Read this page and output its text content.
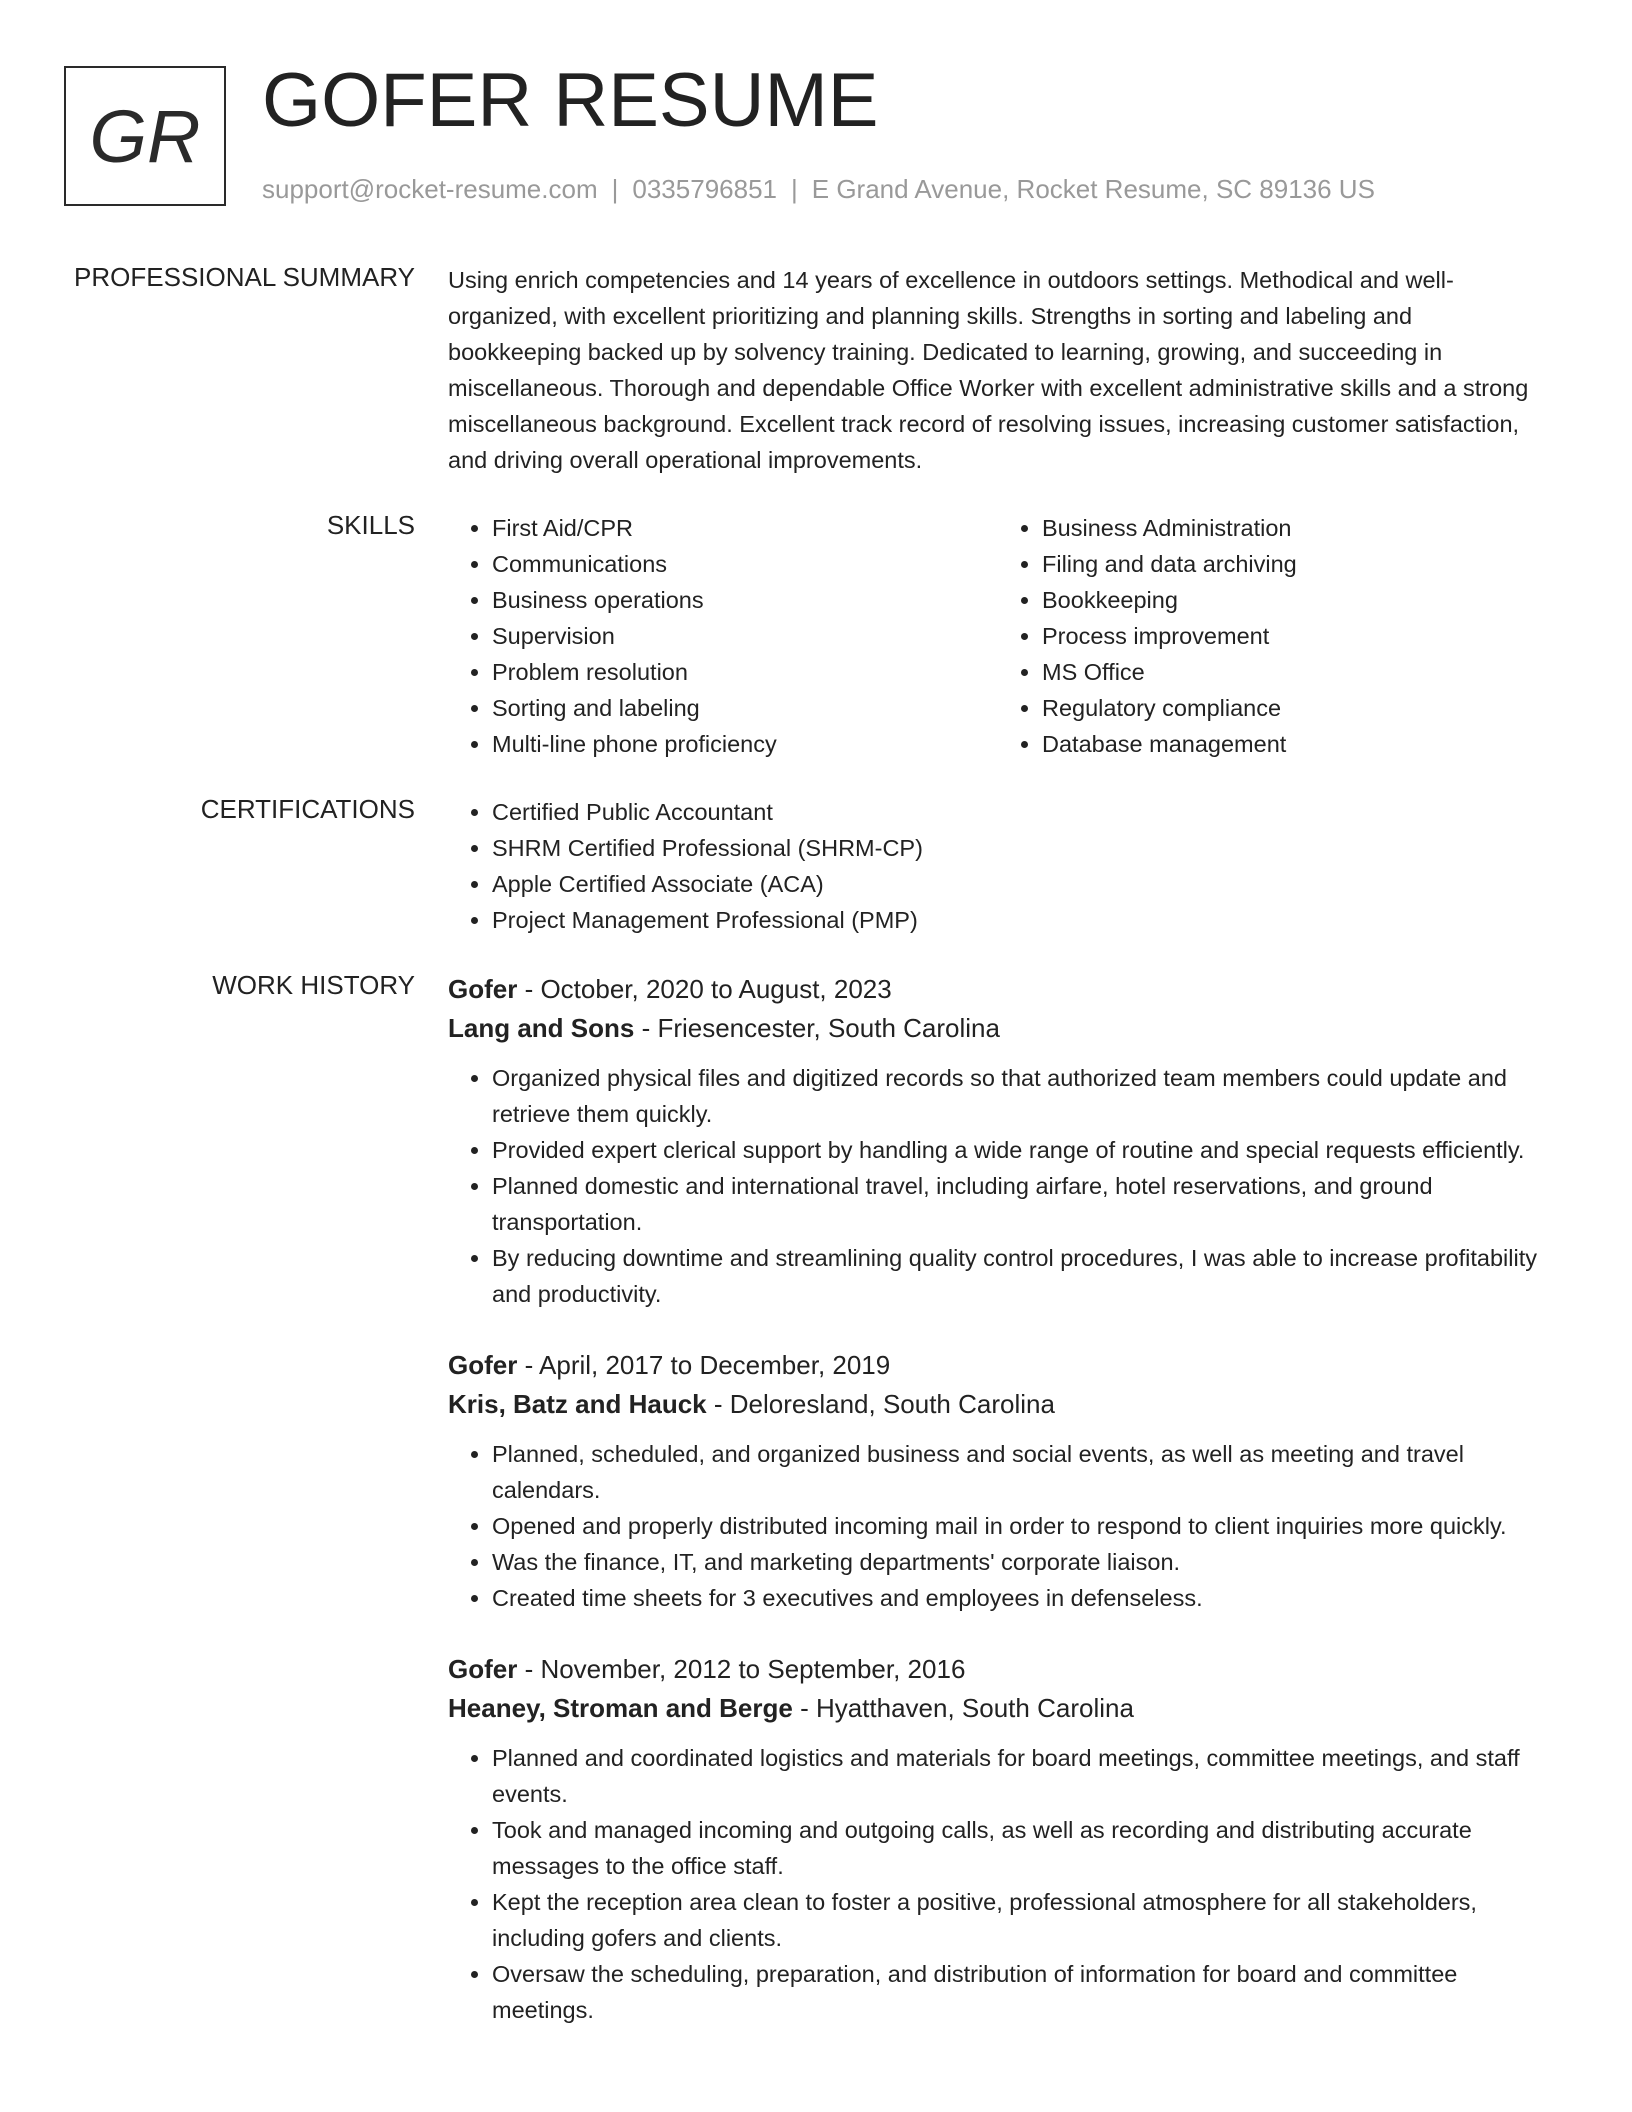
GR GOFER RESUME
support@rocket-resume.com | 0335796851 | E Grand Avenue, Rocket Resume, SC 89136 US
PROFESSIONAL SUMMARY Using enrich competencies and 14 years of excellence in outdoors settings. Methodical and well-organized, with excellent prioritizing and planning skills. Strengths in sorting and labeling and bookkeeping backed up by solvency training. Dedicated to learning, growing, and succeeding in miscellaneous. Thorough and dependable Office Worker with excellent administrative skills and a strong miscellaneous background. Excellent track record of resolving issues, increasing customer satisfaction, and driving overall operational improvements.
SKILLS	• First Aid/CPR
• Communications
• Business operations
• Supervision
• Problem resolution
• Sorting and labeling
• Multi-line phone proficiency
• Business Administration
• Filing and data archiving
• Bookkeeping
• Process improvement
• MS Office
• Regulatory compliance
• Database management
CERTIFICATIONS	• Certified Public Accountant
• SHRM Certified Professional (SHRM-CP)
• Apple Certified Associate (ACA)
• Project Management Professional (PMP)
WORK HISTORY Gofer - October, 2020 to August, 2023
Lang and Sons - Friesencester, South Carolina
• Organized physical files and digitized records so that authorized team members could update and retrieve them quickly.
• Provided expert clerical support by handling a wide range of routine and special requests efficiently.
• Planned domestic and international travel, including airfare, hotel reservations, and ground transportation.
• By reducing downtime and streamlining quality control procedures, I was able to increase profitability and productivity.
Gofer - April, 2017 to December, 2019
Kris, Batz and Hauck - Deloresland, South Carolina
• Planned, scheduled, and organized business and social events, as well as meeting and travel calendars.
• Opened and properly distributed incoming mail in order to respond to client inquiries more quickly.
• Was the finance, IT, and marketing departments' corporate liaison.
• Created time sheets for 3 executives and employees in defenseless.
Gofer - November, 2012 to September, 2016
Heaney, Stroman and Berge - Hyatthaven, South Carolina
• Planned and coordinated logistics and materials for board meetings, committee meetings, and staff events.
• Took and managed incoming and outgoing calls, as well as recording and distributing accurate messages to the office staff.
• Kept the reception area clean to foster a positive, professional atmosphere for all stakeholders, including gofers and clients.
• Oversaw the scheduling, preparation, and distribution of information for board and committee meetings.
